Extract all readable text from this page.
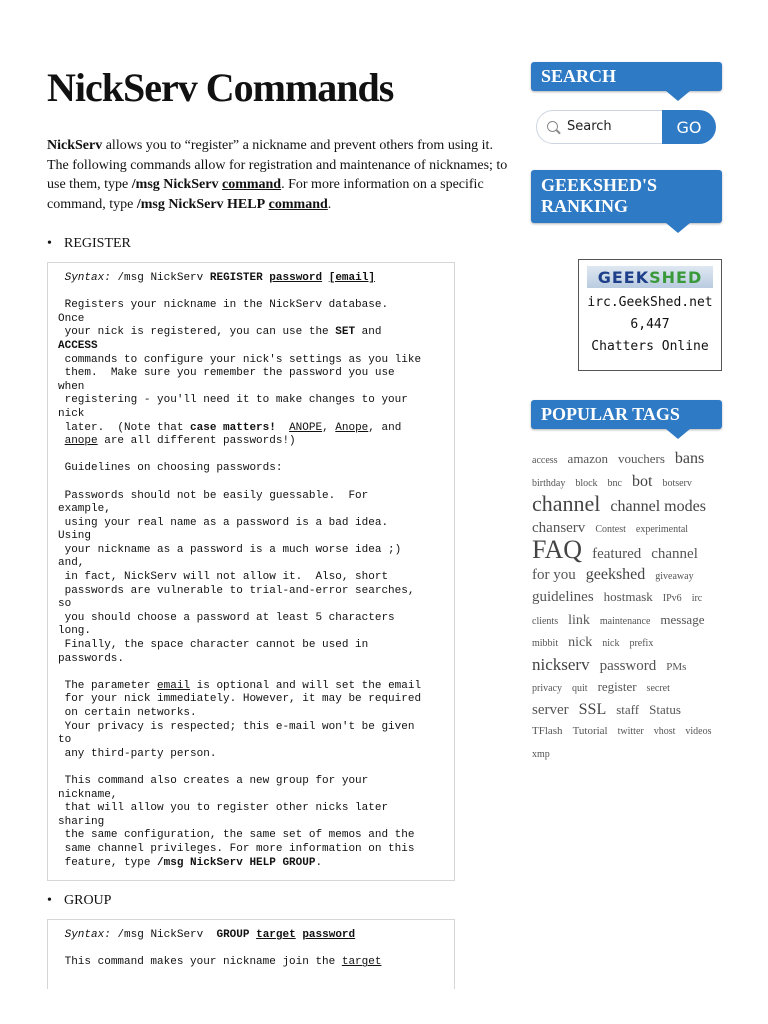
NickServ Commands
NickServ allows you to “register” a nickname and prevent others from using it. The following commands allow for registration and maintenance of nicknames; to use them, type /msg NickServ command. For more information on a specific command, type /msg NickServ HELP command.
• REGISTER
Syntax: /msg NickServ REGISTER password [email]

Registers your nickname in the NickServ database.
Once
your nick is registered, you can use the SET and
ACCESS
commands to configure your nick's settings as you like
them.  Make sure you remember the password you use
when
registering - you'll need it to make changes to your
nick
later.  (Note that case matters! ANOPE, Anope, and
anope are all different passwords!)

Guidelines on choosing passwords:

Passwords should not be easily guessable.  For
example,
using your real name as a password is a bad idea.
Using
your nickname as a password is a much worse idea ;)
and,
in fact, NickServ will not allow it.  Also, short
passwords are vulnerable to trial-and-error searches,
so
you should choose a password at least 5 characters
long.
Finally, the space character cannot be used in
passwords.

The parameter email is optional and will set the email
for your nick immediately. However, it may be required
on certain networks.
Your privacy is respected; this e-mail won't be given
to
any third-party person.

This command also creates a new group for your
nickname,
that will allow you to register other nicks later
sharing
the same configuration, the same set of memos and the
same channel privileges. For more information on this
feature, type /msg NickServ HELP GROUP.
• GROUP
Syntax: /msg NickServ GROUP target password

This command makes your nickname join the target
SEARCH
Search
GO
GEEKSHED'S RANKING
GEEK SHED
irc.GeekShed.net
6,447
Chatters Online
POPULAR TAGS
access amazon vouchers bans birthday block bnc bot botserv channel channel modes chanserv Contest experimental FAQ featured channel for you geekshed giveaway guidelines hostmask IPv6 irc clients link maintenance message mibbit nick nick prefix nickserv password PMs privacy quit register secret server SSL staff Status TFlash Tutorial twitter vhost videos xmp
